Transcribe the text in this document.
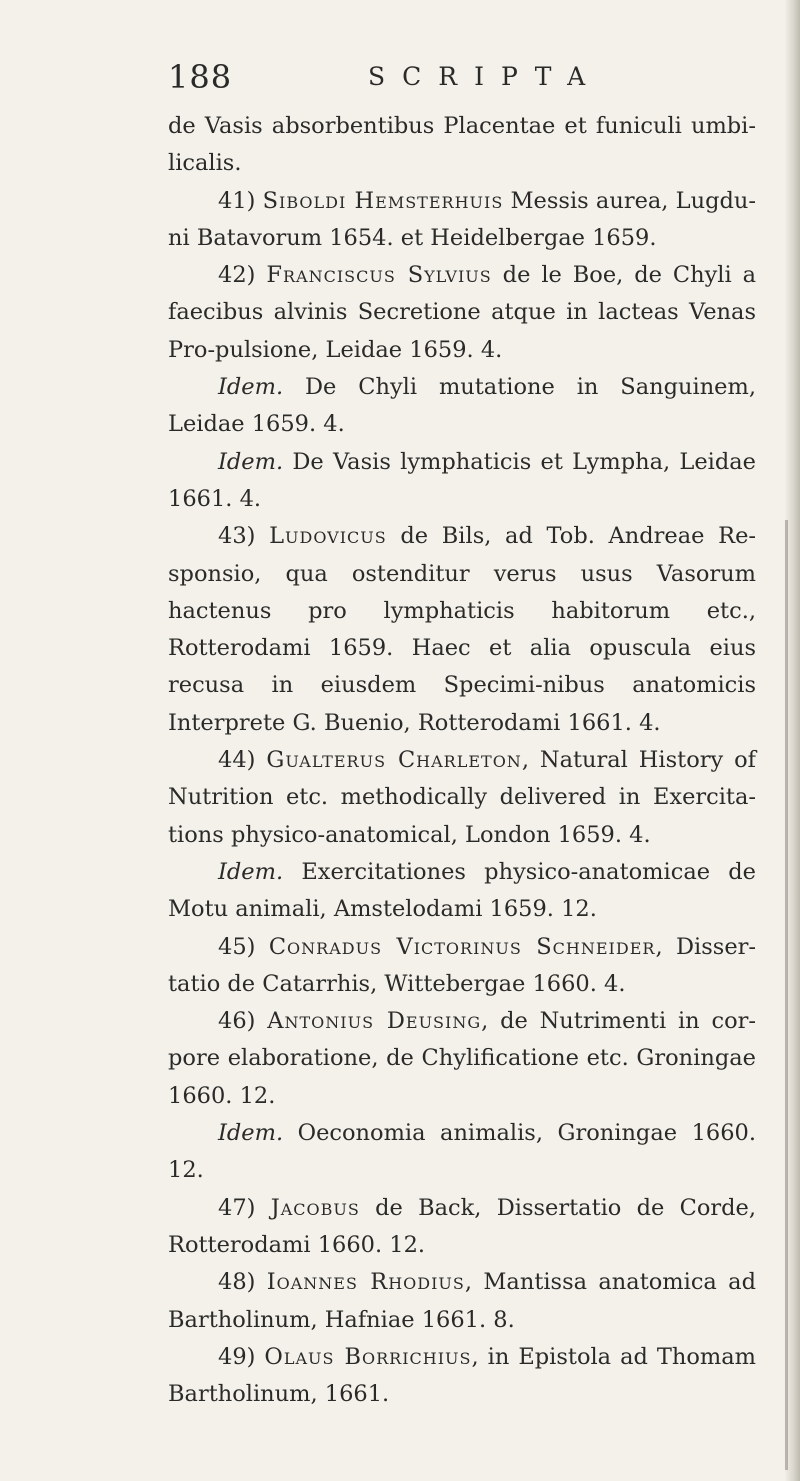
188	SCRIPTA

de Vasis absorbentibus Placentae et funiculi umbi-licalis.

41) Siboldi Hemsterhuis Messis aurea, Lugdu-ni Batavorum 1654. et Heidelbergae 1659.

42) Franciscus Sylvius de le Boe, de Chyli a faecibus alvinis Secretione atque in lacteas Venas Pro-pulsione, Leidae 1659. 4.

Idem. De Chyli mutatione in Sanguinem, Leidae 1659. 4.

Idem. De Vasis lymphaticis et Lympha, Leidae 1661. 4.

43) Ludovicus de Bils, ad Tob. Andreae Re-sponsio, qua ostenditur verus usus Vasorum hactenus pro lymphaticis habitorum etc., Rotterodami 1659. Haec et alia opuscula eius recusa in eiusdem Specimi-nibus anatomicis Interprete G. Buenio, Rotterodami 1661. 4.

44) Gualterus Charleton, Natural History of Nutrition etc. methodically delivered in Exercita-tions physico-anatomical, London 1659. 4.

Idem. Exercitationes physico-anatomicae de Motu animali, Amstelodami 1659. 12.

45) Conradus Victorinus Schneider, Disser-tatio de Catarrhis, Wittebergae 1660. 4.

46) Antonius Deusing, de Nutrimenti in cor-pore elaboratione, de Chylificatione etc. Groningae 1660. 12.

Idem. Oeconomia animalis, Groningae 1660. 12.

47) Jacobus de Back, Dissertatio de Corde, Rotterodami 1660. 12.

48) Ioannes Rhodius, Mantissa anatomica ad Bartholinum, Hafniae 1661. 8.

49) Olaus Borrichius, in Epistola ad Thomam Bartholinum, 1661.
